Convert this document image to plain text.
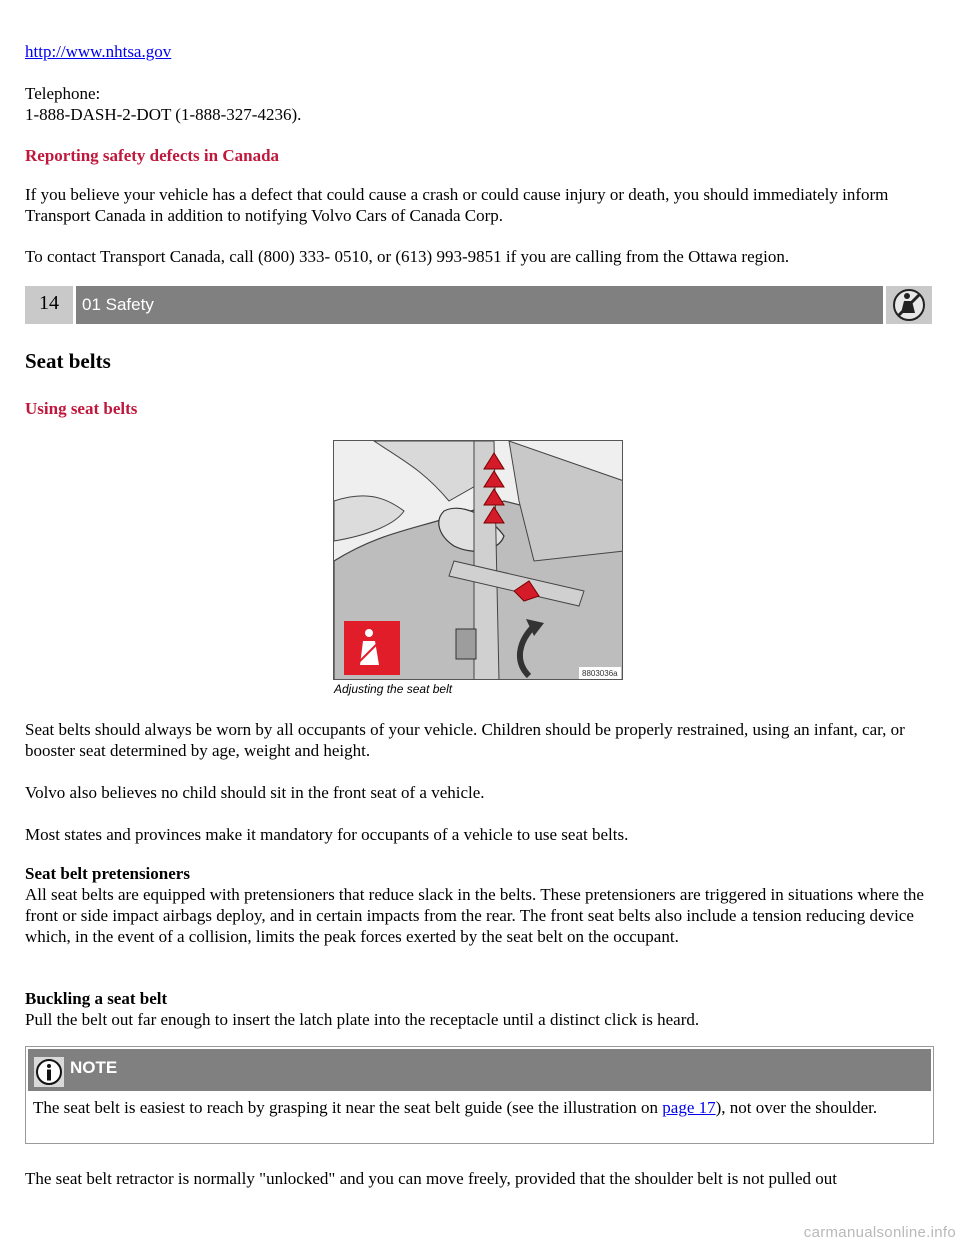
http://www.nhtsa.gov
Telephone:
1-888-DASH-2-DOT (1-888-327-4236).
Reporting safety defects in Canada

If you believe your vehicle has a defect that could cause a crash or could cause injury or death, you should immediately inform Transport Canada in addition to notifying Volvo Cars of Canada Corp.

To contact Transport Canada, call (800) 333- 0510, or (613) 993-9851 if you are calling from the Ottawa region.

14	01 Safety
Seat belts
Using seat belts
8803036a
Adjusting the seat belt

Seat belts should always be worn by all occupants of your vehicle. Children should be properly restrained, using an infant, car, or booster seat determined by age, weight and height.

Volvo also believes no child should sit in the front seat of a vehicle.

Most states and provinces make it mandatory for occupants of a vehicle to use seat belts.

Seat belt pretensioners

All seat belts are equipped with pretensioners that reduce slack in the belts. These pretensioners are triggered in situations where the front or side impact airbags deploy, and in certain impacts from the rear. The front seat belts also include a tension reducing device which, in the event of a collision, limits the peak forces exerted by the seat belt on the occupant.

Buckling a seat belt

Pull the belt out far enough to insert the latch plate into the receptacle until a distinct click is heard.

NOTE

The seat belt is easiest to reach by grasping it near the seat belt guide (see the illustration on page 17), not over the shoulder.

The seat belt retractor is normally "unlocked" and you can move freely, provided that the shoulder belt is not pulled out

carmanualsonline.info
